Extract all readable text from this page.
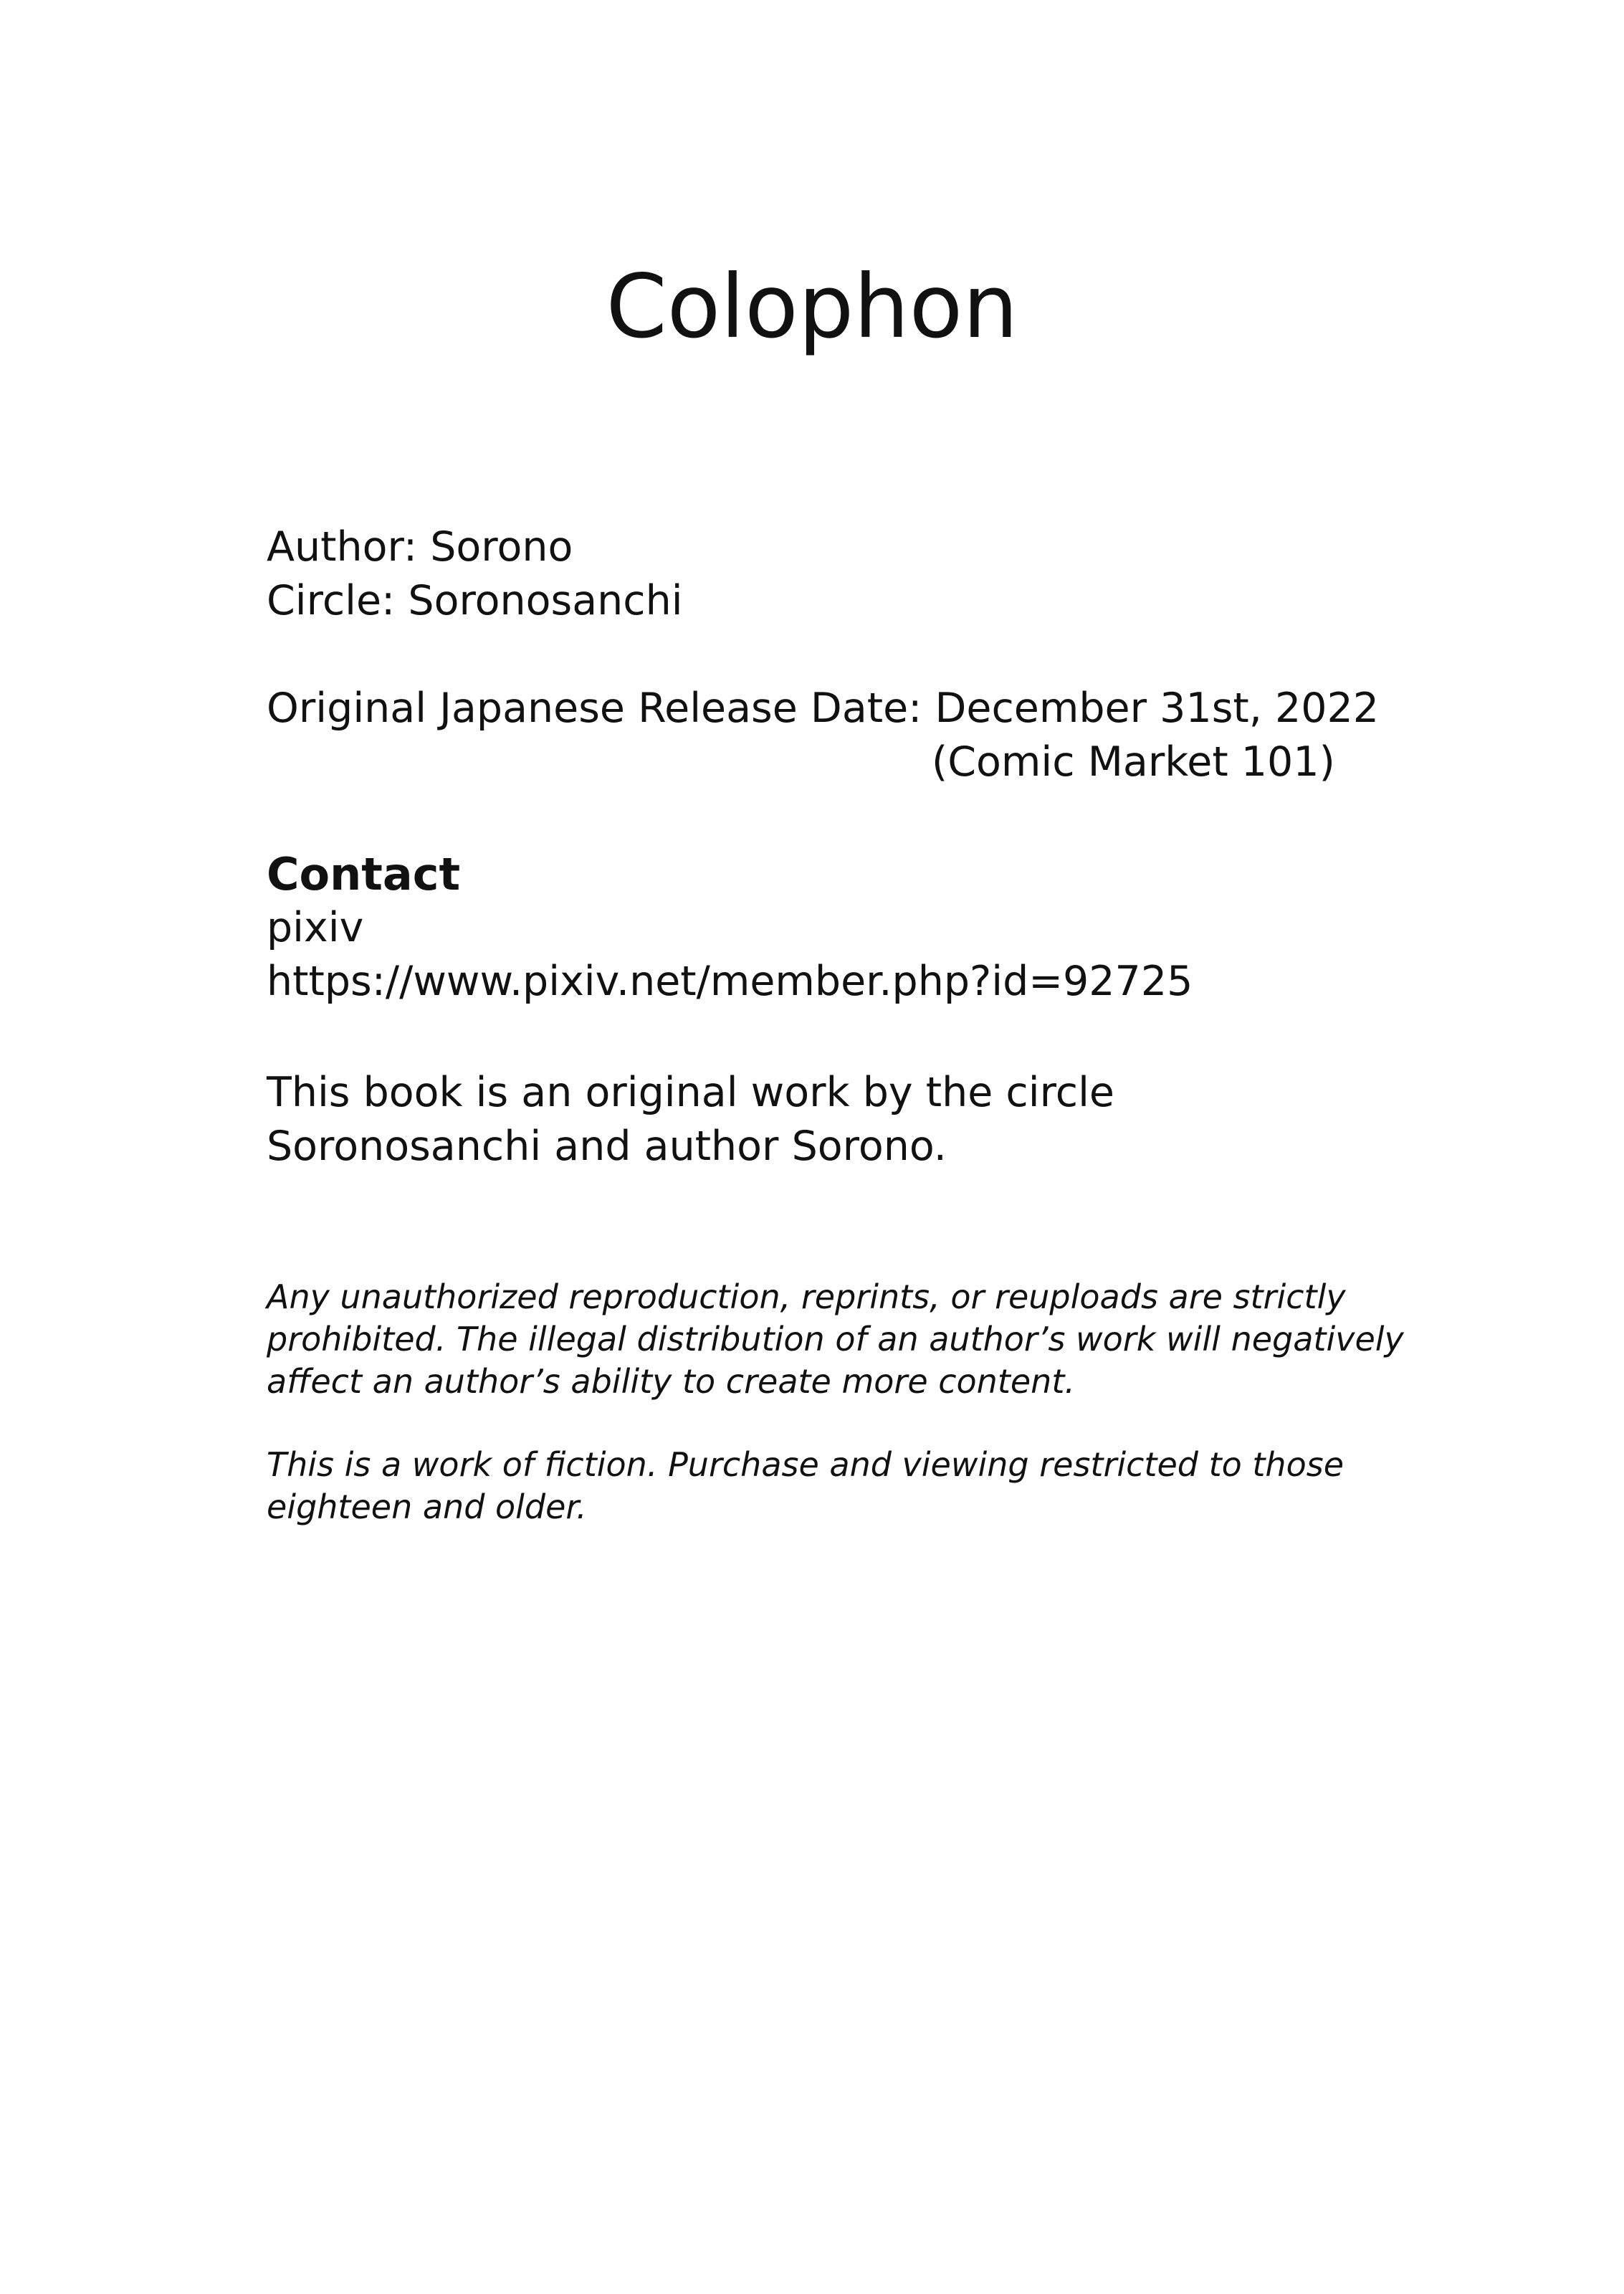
Colophon

Author: Sorono

Circle: Soronosanchi

Original Japanese Release Date: December 31st, 2022

(Comic Market 101)

Contact

pixiv

https://www.pixiv.net/member.php?id=92725

This book is an original work by the circle

Soronosanchi and author Sorono.

Any unauthorized reproduction, reprints, or reuploads are strictly

prohibited. The illegal distribution of an author’s work will negatively

affect an author’s ability to create more content.

This is a work of fiction. Purchase and viewing restricted to those

eighteen and older.
